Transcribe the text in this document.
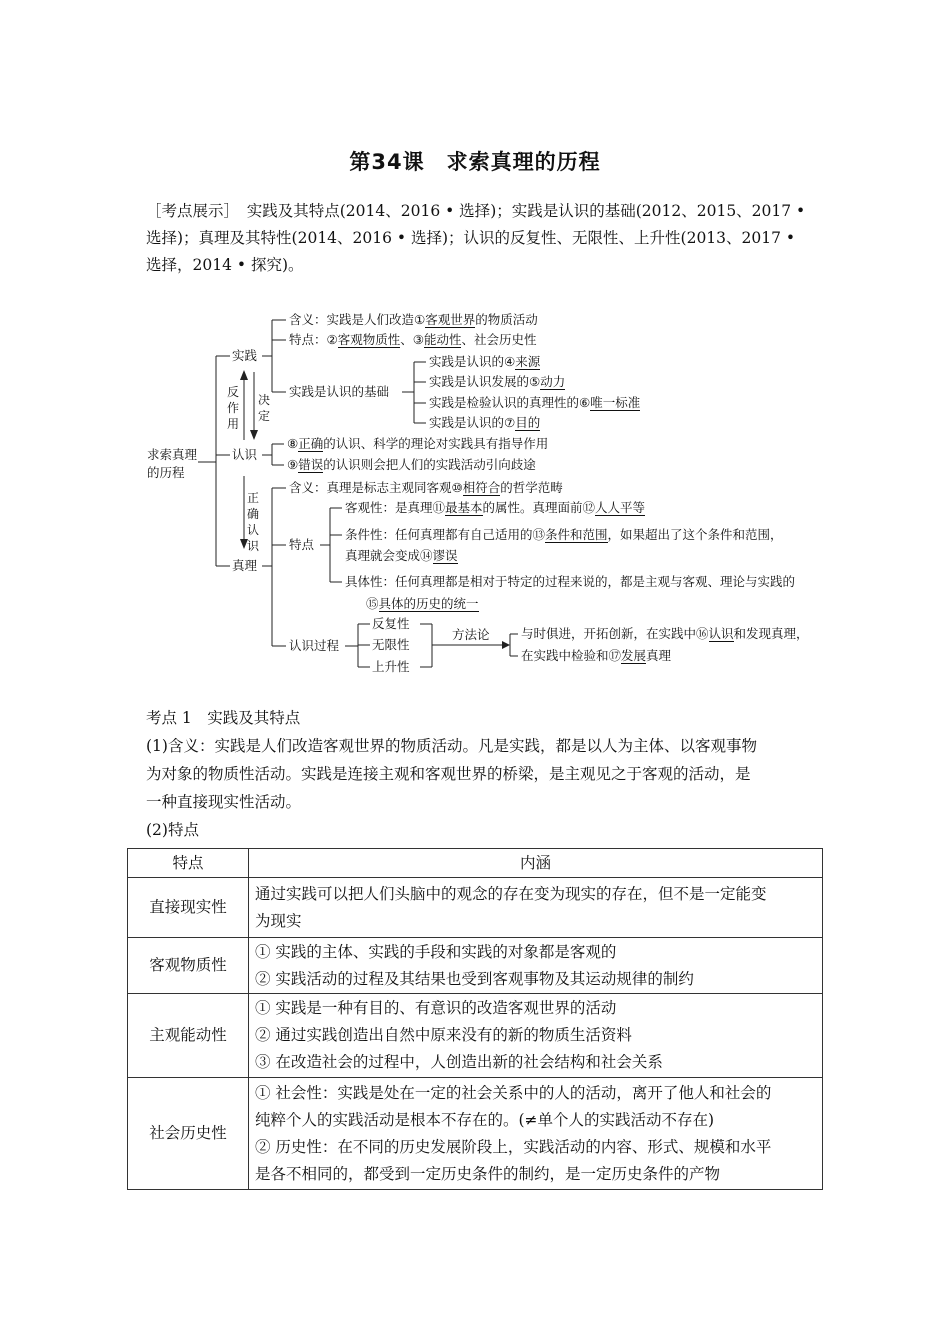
第34课　求索真理的历程
［考点展示］　实践及其特点(2014、2016 • 选择)；实践是认识的基础(2012、2015、2017 •
选择)；真理及其特性(2014、2016 • 选择)；认识的反复性、无限性、上升性(2013、2017 •
选择，2014 • 探究)。
求索真理的历程
实践
认识
真理
反作用
决定
正确认识
含义：实践是人们改造①客观世界的物质活动
特点：②客观物质性、③能动性、社会历史性
实践是认识的基础
实践是认识的④来源
实践是认识发展的⑤动力
实践是检验认识的真理性的⑥唯一标准
实践是认识的⑦目的
⑧正确的认识、科学的理论对实践具有指导作用
⑨错误的认识则会把人们的实践活动引向歧途
含义：真理是标志主观同客观⑩相符合的哲学范畴
特点
客观性：是真理⑪最基本的属性。真理面前⑫人人平等
条件性：任何真理都有自己适用的⑬条件和范围，如果超出了这个条件和范围，
真理就会变成⑭谬误
具体性：任何真理都是相对于特定的过程来说的，都是主观与客观、理论与实践的
⑮具体的历史的统一
认识过程
反复性
无限性
上升性
方法论	与时俱进，开拓创新，在实践中⑯认识和发现真理，
在实践中检验和⑰发展真理
考点 1　实践及其特点
(1)含义：实践是人们改造客观世界的物质活动。凡是实践，都是以人为主体、以客观事物
为对象的物质性活动。实践是连接主观和客观世界的桥梁，是主观见之于客观的活动，是
一种直接现实性活动。
(2)特点
特点	内涵
直接现实性	通过实践可以把人们头脑中的观念的存在变为现实的存在，但不是一定能变
为现实

客观物质性	① 实践的主体、实践的手段和实践的对象都是客观的
② 实践活动的过程及其结果也受到客观事物及其运动规律的制约

主观能动性	① 实践是一种有目的、有意识的改造客观世界的活动
② 通过实践创造出自然中原来没有的新的物质生活资料
③ 在改造社会的过程中，人创造出新的社会结构和社会关系

社会历史性	① 社会性：实践是处在一定的社会关系中的人的活动，离开了他人和社会的
纯粹个人的实践活动是根本不存在的。(≠单个人的实践活动不存在)
② 历史性：在不同的历史发展阶段上，实践活动的内容、形式、规模和水平
是各不相同的，都受到一定历史条件的制约，是一定历史条件的产物
